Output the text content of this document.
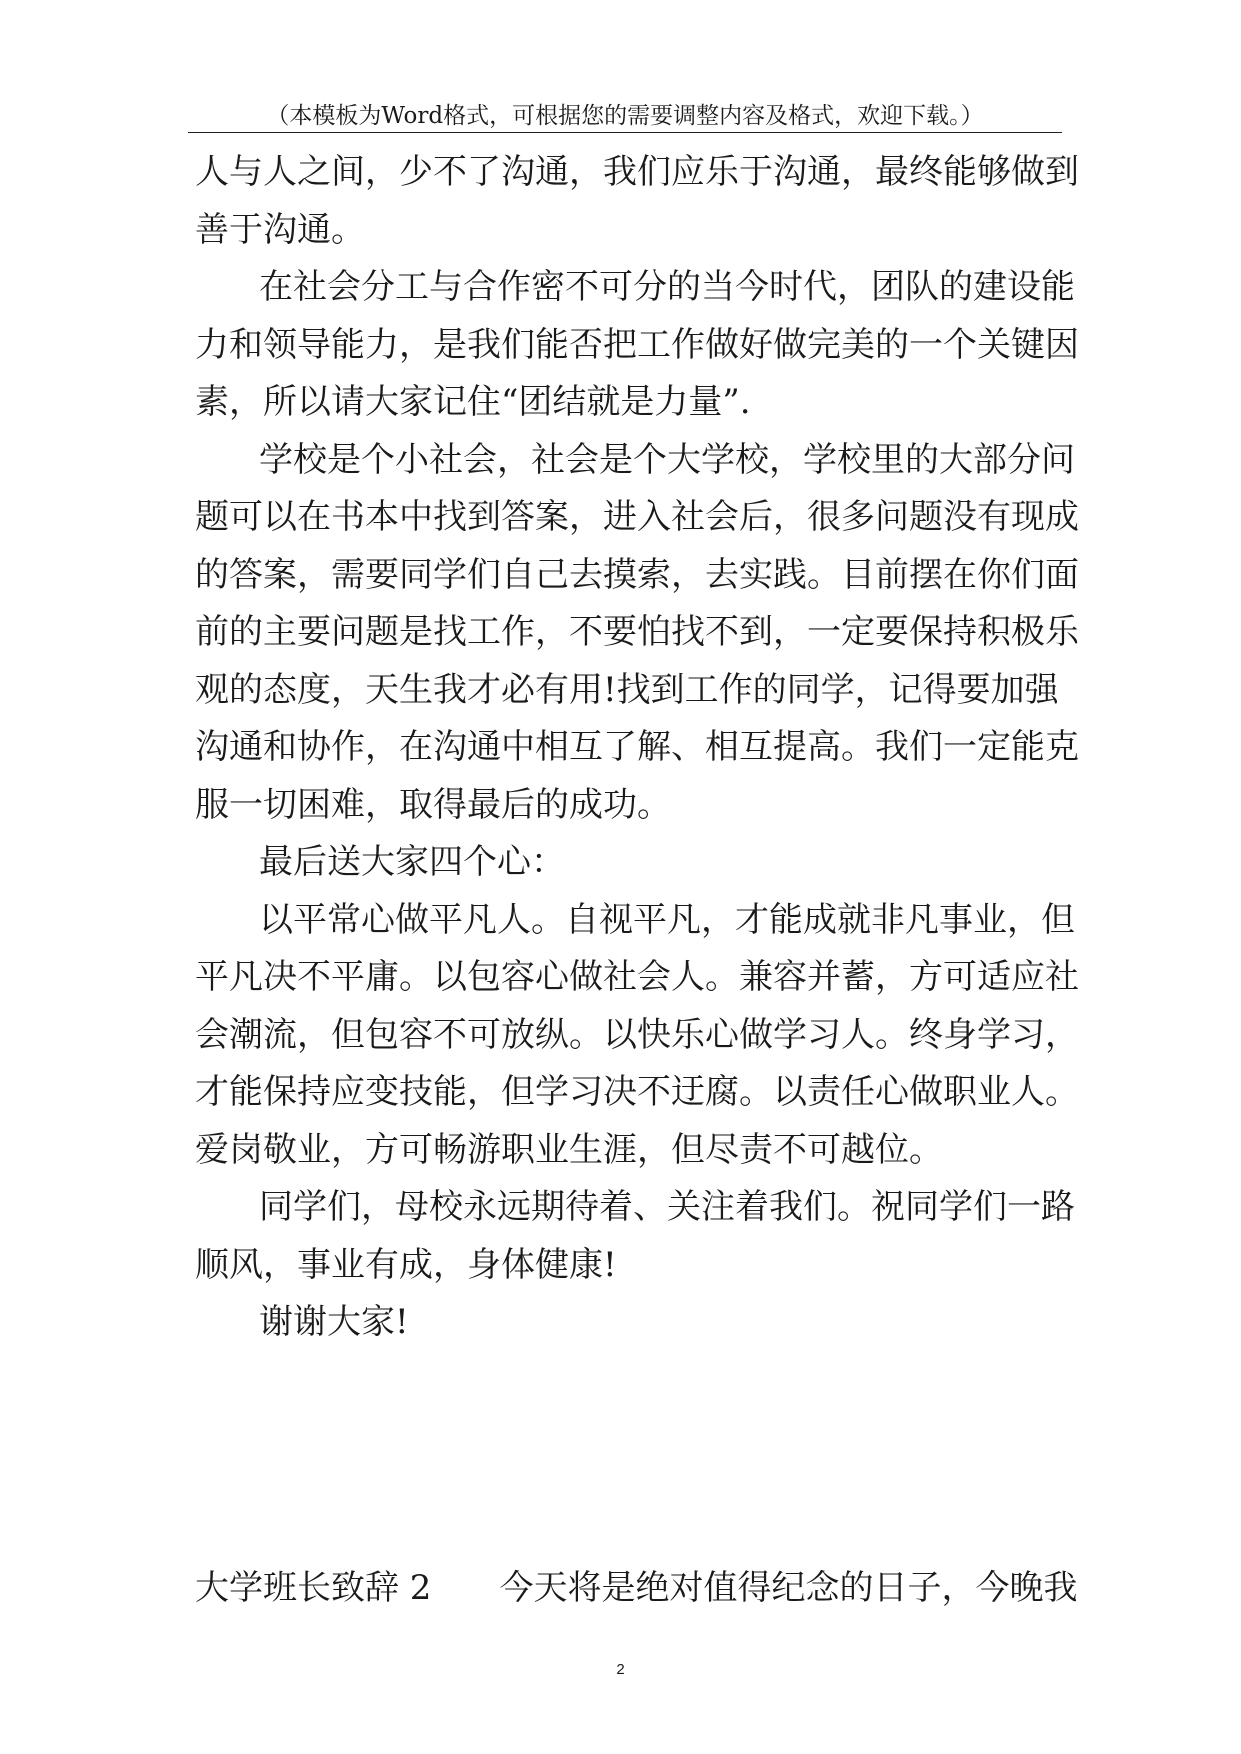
（本模板为Word格式，可根据您的需要调整内容及格式，欢迎下载。）
人与人之间，少不了沟通，我们应乐于沟通，最终能够做到
善于沟通。
在社会分工与合作密不可分的当今时代，团队的建设能
力和领导能力，是我们能否把工作做好做完美的一个关键因
素，所以请大家记住“团结就是力量”.
学校是个小社会，社会是个大学校，学校里的大部分问
题可以在书本中找到答案，进入社会后，很多问题没有现成
的答案，需要同学们自己去摸索，去实践。目前摆在你们面
前的主要问题是找工作，不要怕找不到，一定要保持积极乐
观的态度，天生我才必有用!找到工作的同学，记得要加强
沟通和协作，在沟通中相互了解、相互提高。我们一定能克
服一切困难，取得最后的成功。
最后送大家四个心：
以平常心做平凡人。自视平凡，才能成就非凡事业，但
平凡决不平庸。以包容心做社会人。兼容并蓄，方可适应社
会潮流，但包容不可放纵。以快乐心做学习人。终身学习，
才能保持应变技能，但学习决不迂腐。以责任心做职业人。
爱岗敬业，方可畅游职业生涯，但尽责不可越位。
同学们，母校永远期待着、关注着我们。祝同学们一路
顺风，事业有成，身体健康!
谢谢大家!
大学班长致辞 2 今天将是绝对值得纪念的日子，今晚我
2
